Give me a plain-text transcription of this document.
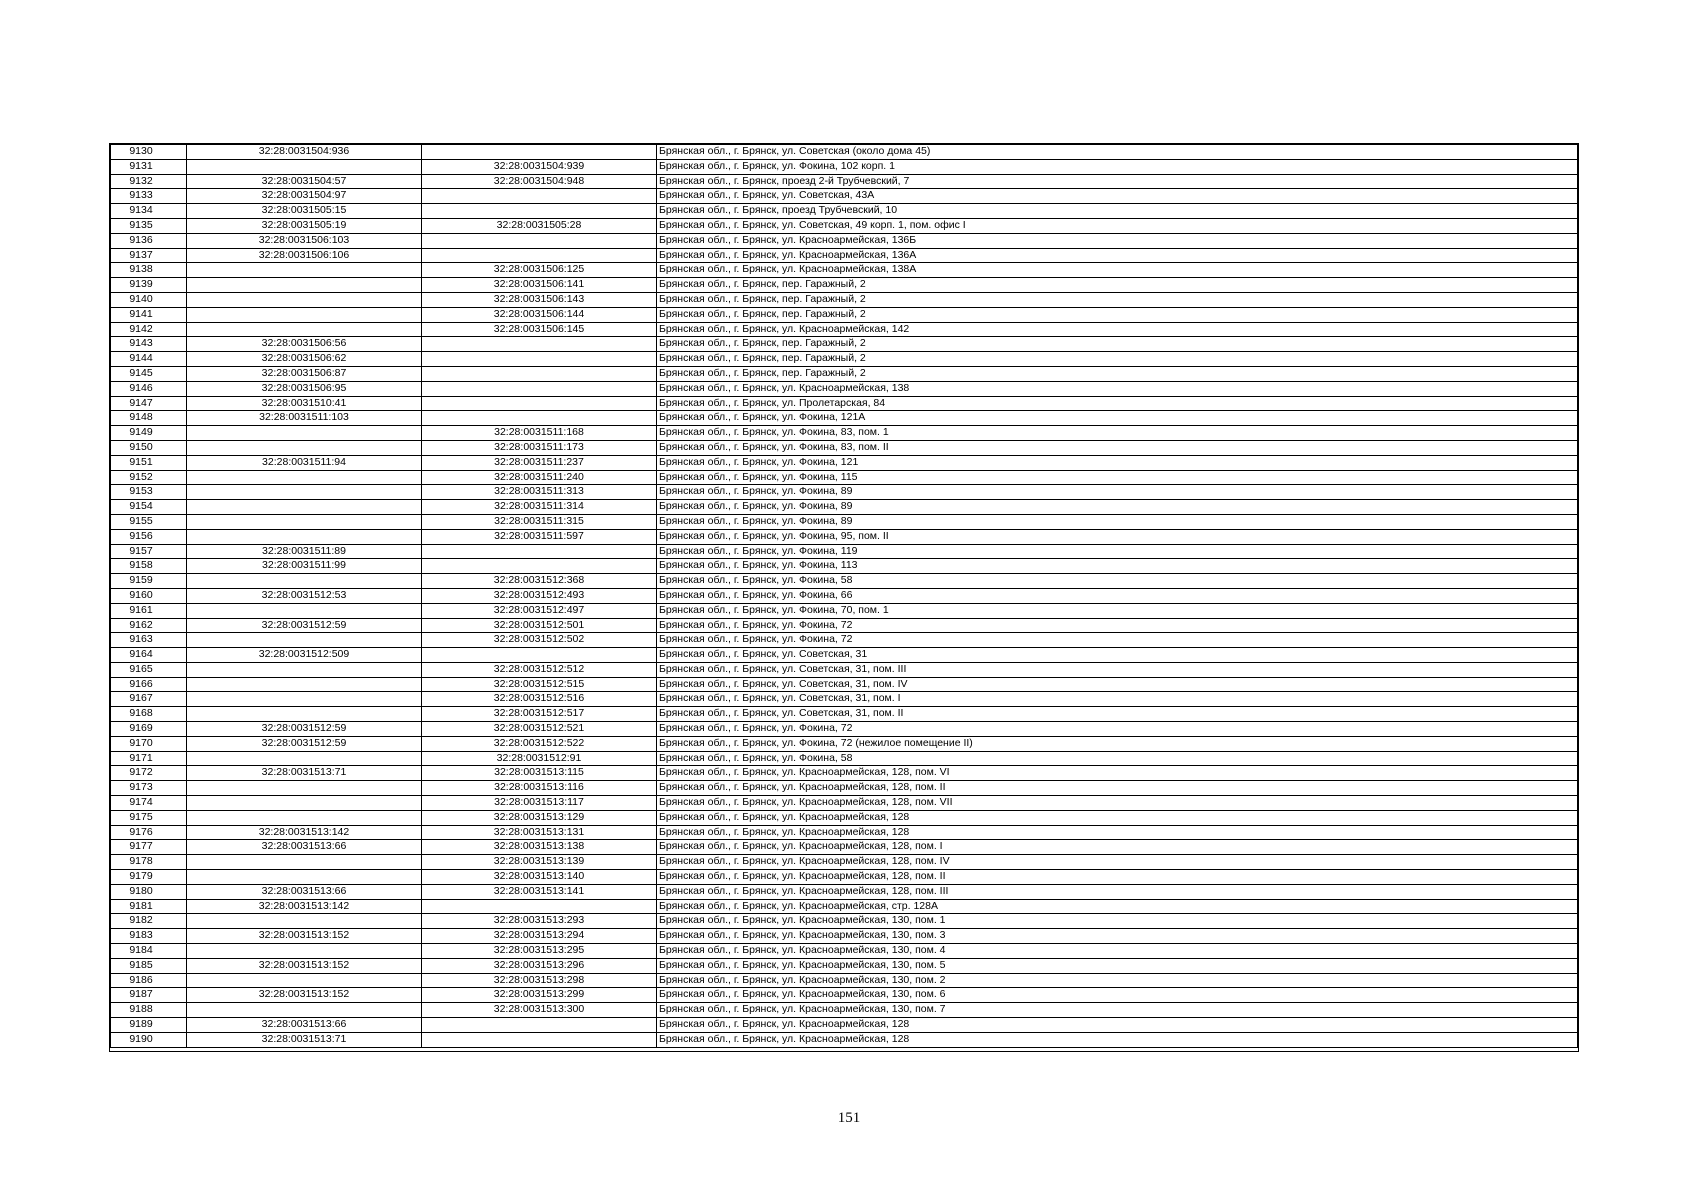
9130	32:28:0031504:936		Брянская обл., г. Брянск, ул. Советская (около дома 45)
9131		32:28:0031504:939	Брянская обл., г. Брянск, ул. Фокина, 102 корп. 1
9132	32:28:0031504:57	32:28:0031504:948	Брянская обл., г. Брянск, проезд 2-й Трубчевский, 7
9133	32:28:0031504:97		Брянская обл., г. Брянск, ул. Советская, 43А
9134	32:28:0031505:15		Брянская обл., г. Брянск, проезд Трубчевский, 10
9135	32:28:0031505:19	32:28:0031505:28	Брянская обл., г. Брянск, ул. Советская, 49 корп. 1, пом. офис I
9136	32:28:0031506:103		Брянская обл., г. Брянск, ул. Красноармейская, 136Б
9137	32:28:0031506:106		Брянская обл., г. Брянск, ул. Красноармейская, 136А
9138		32:28:0031506:125	Брянская обл., г. Брянск, ул. Красноармейская, 138А
9139		32:28:0031506:141	Брянская обл., г. Брянск, пер. Гаражный, 2
9140		32:28:0031506:143	Брянская обл., г. Брянск, пер. Гаражный, 2
9141		32:28:0031506:144	Брянская обл., г. Брянск, пер. Гаражный, 2
9142		32:28:0031506:145	Брянская обл., г. Брянск, ул. Красноармейская, 142
9143	32:28:0031506:56		Брянская обл., г. Брянск, пер. Гаражный, 2
9144	32:28:0031506:62		Брянская обл., г. Брянск, пер. Гаражный, 2
9145	32:28:0031506:87		Брянская обл., г. Брянск, пер. Гаражный, 2
9146	32:28:0031506:95		Брянская обл., г. Брянск, ул. Красноармейская, 138
9147	32:28:0031510:41		Брянская обл., г. Брянск, ул. Пролетарская, 84
9148	32:28:0031511:103		Брянская обл., г. Брянск, ул. Фокина, 121А
9149		32:28:0031511:168	Брянская обл., г. Брянск, ул. Фокина, 83, пом. 1
9150		32:28:0031511:173	Брянская обл., г. Брянск, ул. Фокина, 83, пом. II
9151	32:28:0031511:94	32:28:0031511:237	Брянская обл., г. Брянск, ул. Фокина, 121
9152		32:28:0031511:240	Брянская обл., г. Брянск, ул. Фокина, 115
9153		32:28:0031511:313	Брянская обл., г. Брянск, ул. Фокина, 89
9154		32:28:0031511:314	Брянская обл., г. Брянск, ул. Фокина, 89
9155		32:28:0031511:315	Брянская обл., г. Брянск, ул. Фокина, 89
9156		32:28:0031511:597	Брянская обл., г. Брянск, ул. Фокина, 95, пом. II
9157	32:28:0031511:89		Брянская обл., г. Брянск, ул. Фокина, 119
9158	32:28:0031511:99		Брянская обл., г. Брянск, ул. Фокина, 113
9159		32:28:0031512:368	Брянская обл., г. Брянск, ул. Фокина, 58
9160	32:28:0031512:53	32:28:0031512:493	Брянская обл., г. Брянск, ул. Фокина, 66
9161		32:28:0031512:497	Брянская обл., г. Брянск, ул. Фокина, 70, пом. 1
9162	32:28:0031512:59	32:28:0031512:501	Брянская обл., г. Брянск, ул. Фокина, 72
9163		32:28:0031512:502	Брянская обл., г. Брянск, ул. Фокина, 72
9164	32:28:0031512:509		Брянская обл., г. Брянск, ул. Советская, 31
9165		32:28:0031512:512	Брянская обл., г. Брянск, ул. Советская, 31, пом. III
9166		32:28:0031512:515	Брянская обл., г. Брянск, ул. Советская, 31, пом. IV
9167		32:28:0031512:516	Брянская обл., г. Брянск, ул. Советская, 31, пом. I
9168		32:28:0031512:517	Брянская обл., г. Брянск, ул. Советская, 31, пом. II
9169	32:28:0031512:59	32:28:0031512:521	Брянская обл., г. Брянск, ул. Фокина, 72
9170	32:28:0031512:59	32:28:0031512:522	Брянская обл., г. Брянск, ул. Фокина, 72 (нежилое помещение II)
9171		32:28:0031512:91	Брянская обл., г. Брянск, ул. Фокина, 58
9172	32:28:0031513:71	32:28:0031513:115	Брянская обл., г. Брянск, ул. Красноармейская, 128, пом. VI
9173		32:28:0031513:116	Брянская обл., г. Брянск, ул. Красноармейская, 128, пом. II
9174		32:28:0031513:117	Брянская обл., г. Брянск, ул. Красноармейская, 128, пом. VII
9175		32:28:0031513:129	Брянская обл., г. Брянск, ул. Красноармейская, 128
9176	32:28:0031513:142	32:28:0031513:131	Брянская обл., г. Брянск, ул. Красноармейская, 128
9177	32:28:0031513:66	32:28:0031513:138	Брянская обл., г. Брянск, ул. Красноармейская, 128, пом. I
9178		32:28:0031513:139	Брянская обл., г. Брянск, ул. Красноармейская, 128, пом. IV
9179		32:28:0031513:140	Брянская обл., г. Брянск, ул. Красноармейская, 128, пом. II
9180	32:28:0031513:66	32:28:0031513:141	Брянская обл., г. Брянск, ул. Красноармейская, 128, пом. III
9181	32:28:0031513:142		Брянская обл., г. Брянск, ул. Красноармейская, стр. 128А
9182		32:28:0031513:293	Брянская обл., г. Брянск, ул. Красноармейская, 130, пом. 1
9183	32:28:0031513:152	32:28:0031513:294	Брянская обл., г. Брянск, ул. Красноармейская, 130, пом. 3
9184		32:28:0031513:295	Брянская обл., г. Брянск, ул. Красноармейская, 130, пом. 4
9185	32:28:0031513:152	32:28:0031513:296	Брянская обл., г. Брянск, ул. Красноармейская, 130, пом. 5
9186		32:28:0031513:298	Брянская обл., г. Брянск, ул. Красноармейская, 130, пом. 2
9187	32:28:0031513:152	32:28:0031513:299	Брянская обл., г. Брянск, ул. Красноармейская, 130, пом. 6
9188		32:28:0031513:300	Брянская обл., г. Брянск, ул. Красноармейская, 130, пом. 7
9189	32:28:0031513:66		Брянская обл., г. Брянск, ул. Красноармейская, 128
9190	32:28:0031513:71		Брянская обл., г. Брянск, ул. Красноармейская, 128
151
